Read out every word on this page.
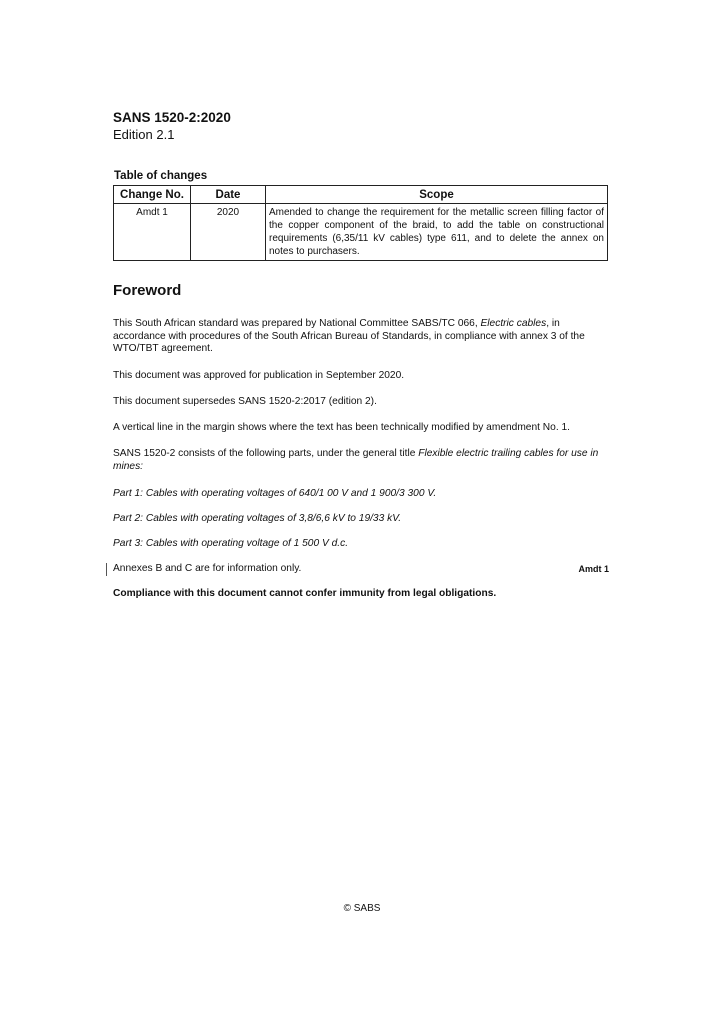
SANS 1520-2:2020
Edition 2.1
Table of changes
Change No.	Date	Scope
Amdt 1	2020	Amended to change the requirement for the metallic screen filling factor of the copper component of the braid, to add the table on constructional requirements (6,35/11 kV cables) type 611, and to delete the annex on notes to purchasers.
Foreword

This South African standard was prepared by National Committee SABS/TC 066, Electric cables, in accordance with procedures of the South African Bureau of Standards, in compliance with annex 3 of the WTO/TBT agreement.

This document was approved for publication in September 2020.

This document supersedes SANS 1520-2:2017 (edition 2).

A vertical line in the margin shows where the text has been technically modified by amendment No. 1.

SANS 1520-2 consists of the following parts, under the general title Flexible electric trailing cables for use in mines:

Part 1: Cables with operating voltages of 640/1 00 V and 1 900/3 300 V.

Part 2: Cables with operating voltages of 3,8/6,6 kV to 19/33 kV.

Part 3: Cables with operating voltage of 1 500 V d.c.

Annexes B and C are for information only.	Amdt 1

Compliance with this document cannot confer immunity from legal obligations.

© SABS
